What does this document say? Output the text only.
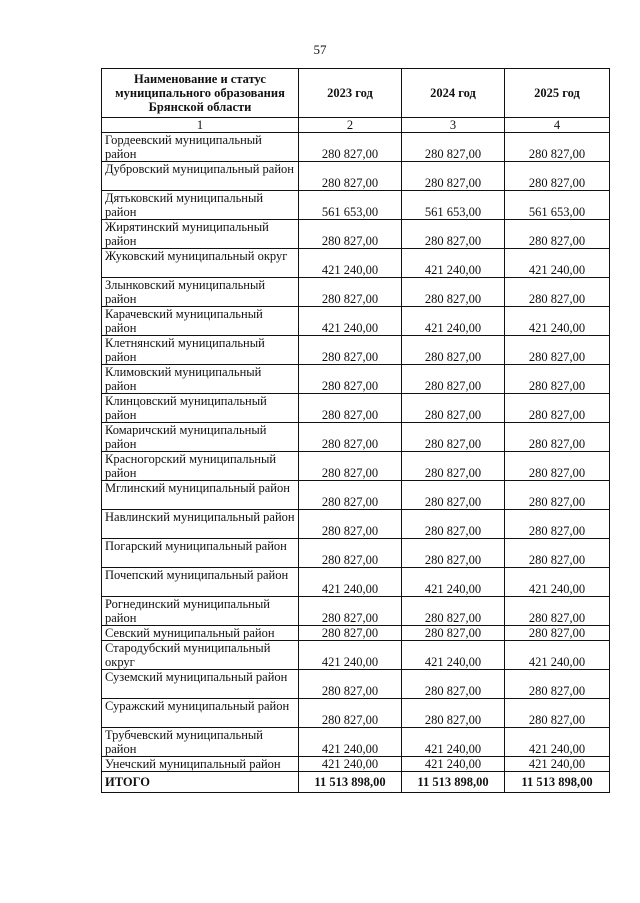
57
Наименование и статус муниципального образования Брянской области	2023 год	2024 год	2025 год
1	2	3	4
Гордеевский муниципальный район	280 827,00	280 827,00	280 827,00
Дубровский муниципальный район	280 827,00	280 827,00	280 827,00
Дятьковский муниципальный район	561 653,00	561 653,00	561 653,00
Жирятинский муниципальный район	280 827,00	280 827,00	280 827,00
Жуковский муниципальный округ	421 240,00	421 240,00	421 240,00
Злынковский муниципальный район	280 827,00	280 827,00	280 827,00
Карачевский муниципальный район	421 240,00	421 240,00	421 240,00
Клетнянский муниципальный район	280 827,00	280 827,00	280 827,00
Климовский муниципальный район	280 827,00	280 827,00	280 827,00
Клинцовский муниципальный район	280 827,00	280 827,00	280 827,00
Комаричский муниципальный район	280 827,00	280 827,00	280 827,00
Красногорский муниципальный район	280 827,00	280 827,00	280 827,00
Мглинский муниципальный район	280 827,00	280 827,00	280 827,00
Навлинский муниципальный район	280 827,00	280 827,00	280 827,00
Погарский муниципальный район	280 827,00	280 827,00	280 827,00
Почепский муниципальный район	421 240,00	421 240,00	421 240,00
Рогнединский муниципальный район	280 827,00	280 827,00	280 827,00
Севский муниципальный район	280 827,00	280 827,00	280 827,00
Стародубский муниципальный округ	421 240,00	421 240,00	421 240,00
Суземский муниципальный район	280 827,00	280 827,00	280 827,00
Суражский муниципальный район	280 827,00	280 827,00	280 827,00
Трубчевский муниципальный район	421 240,00	421 240,00	421 240,00
Унечский муниципальный район	421 240,00	421 240,00	421 240,00
ИТОГО	11 513 898,00	11 513 898,00	11 513 898,00
